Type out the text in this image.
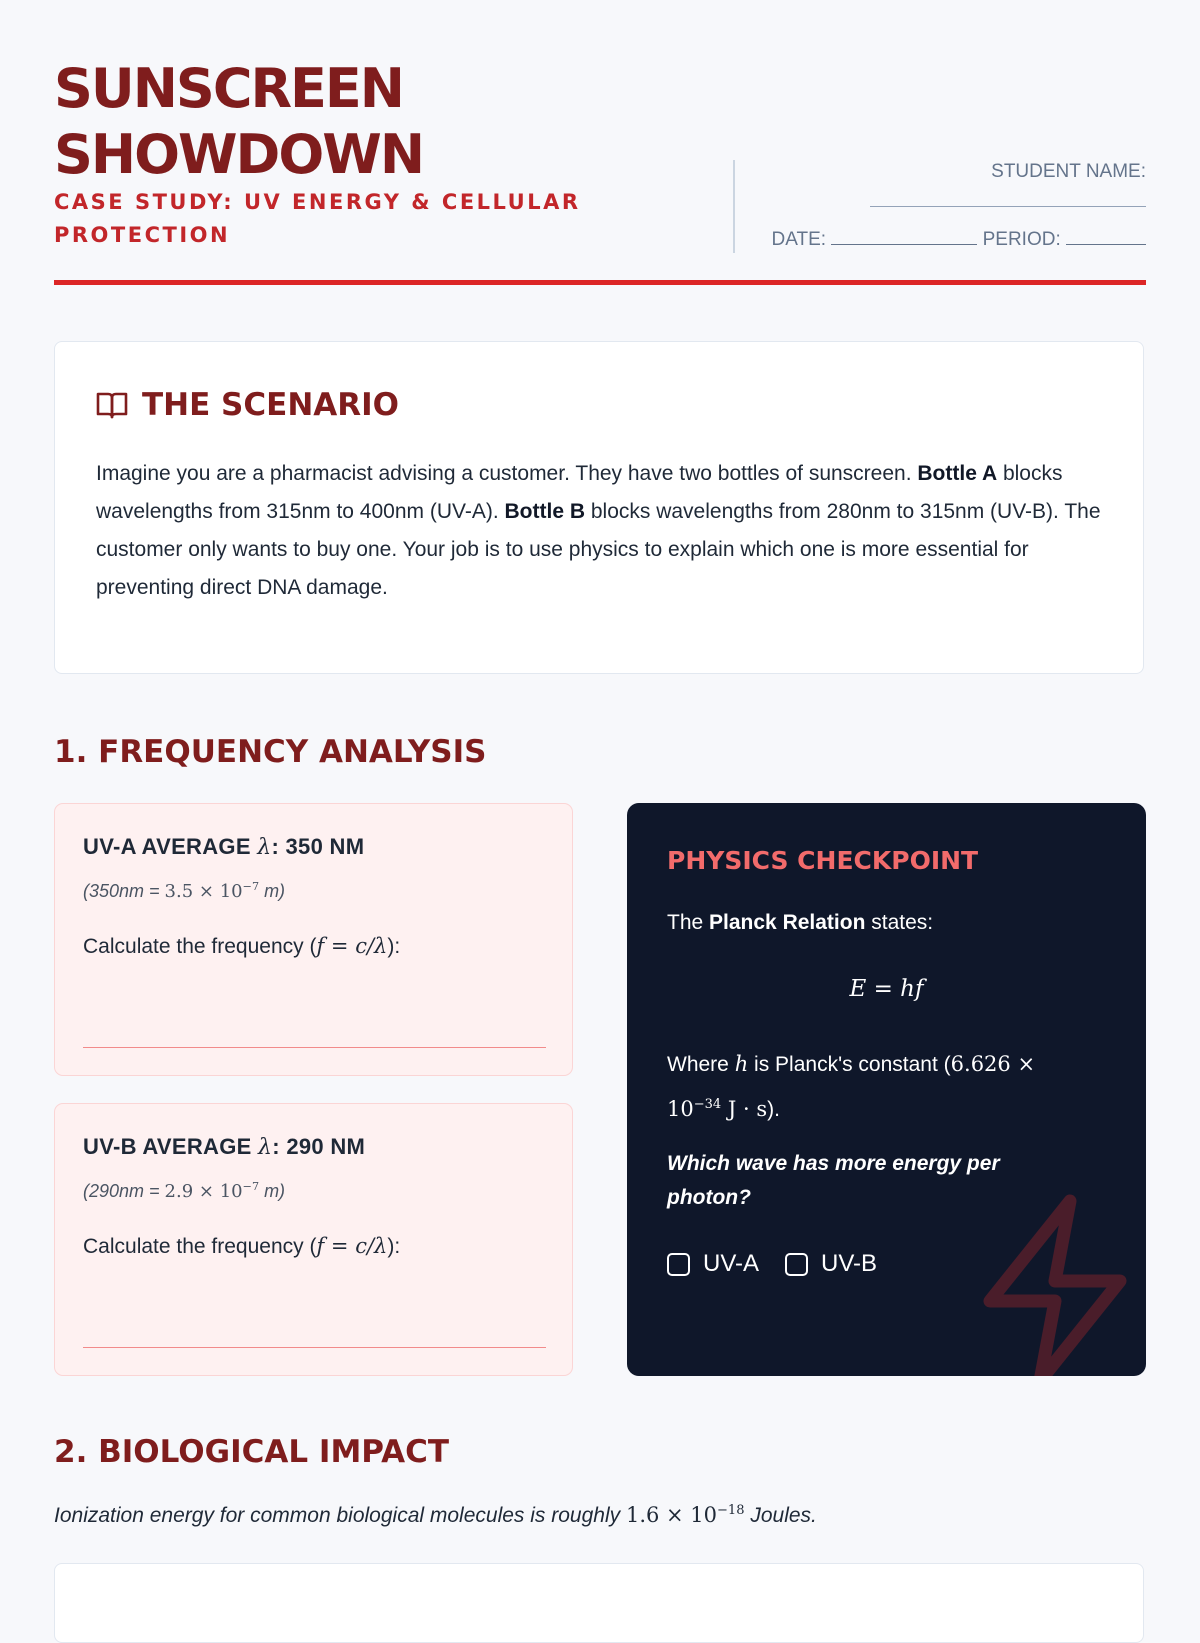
SUNSCREEN
SHOWDOWN
CASE STUDY: UV ENERGY & CELLULAR PROTECTION
STUDENT NAME:
DATE:	PERIOD:
THE SCENARIO
Imagine you are a pharmacist advising a customer. They have two bottles of sunscreen. Bottle A blocks wavelengths from 315nm to 400nm (UV-A). Bottle B blocks wavelengths from 280nm to 315nm (UV-B). The customer only wants to buy one. Your job is to use physics to explain which one is more essential for preventing direct DNA damage.
1. FREQUENCY ANALYSIS
UV-A AVERAGE λ: 350 NM
($350nm = 3.5 \times 10^{-7}$ m)
Calculate the frequency (f = c/λ):
UV-B AVERAGE λ: 290 NM
($290nm = 2.9 \times 10^{-7}$ m)
Calculate the frequency (f = c/λ):
PHYSICS CHECKPOINT
The Planck Relation states:
E = hf
Where h is Planck's constant ($6.626 \times 10^{-34}$ J · s).
Which wave has more energy per photon?
UV-A	UV-B
2. BIOLOGICAL IMPACT
Ionization energy for common biological molecules is roughly $1.6 \times 10^{-18}$ Joules.
